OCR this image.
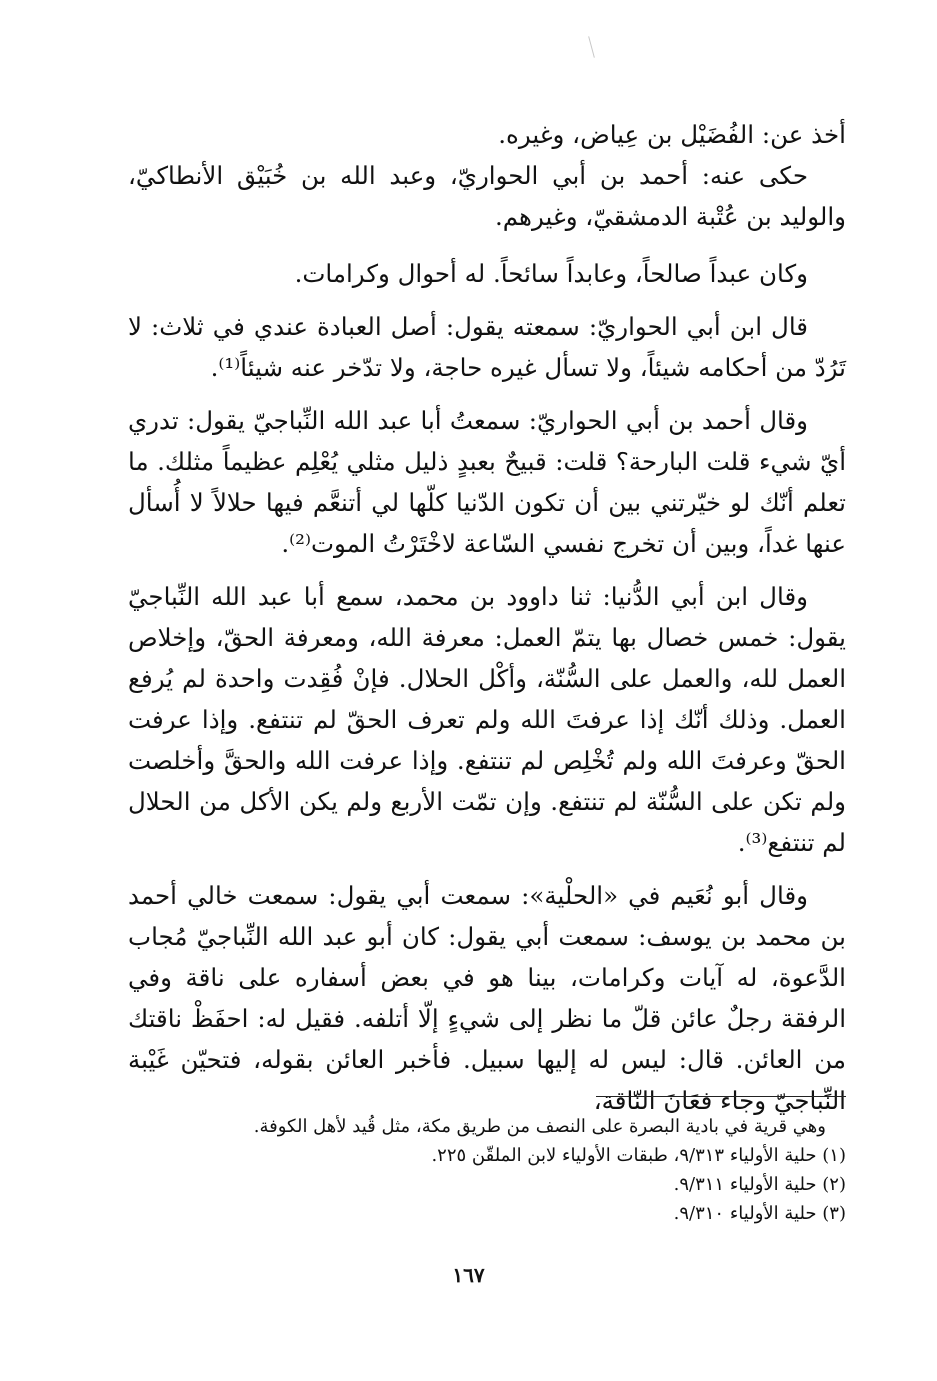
أخذ عن: الفُضَيْل بن عِياض، وغيره.

حكى عنه: أحمد بن أبي الحواريّ، وعبد الله بن خُبَيْق الأنطاكيّ، والوليد بن عُتْبة الدمشقيّ، وغيرهم.

وكان عبداً صالحاً، وعابداً سائحاً. له أحوال وكرامات.

قال ابن أبي الحواريّ: سمعته يقول: أصل العبادة عندي في ثلاث: لا تَرُدّ من أحكامه شيئاً، ولا تسأل غيره حاجة، ولا تدّخر عنه شيئاً⁽¹⁾.

وقال أحمد بن أبي الحواريّ: سمعتُ أبا عبد الله النِّباجيّ يقول: تدري أيّ شيء قلت البارحة؟ قلت: قبيحٌ بعبدٍ ذليل مثلي يُعْلِم عظيماً مثلك. ما تعلم أنّك لو خيّرتني بين أن تكون الدّنيا كلّها لي أتنعَّم فيها حلالاً لا أُسأل عنها غداً، وبين أن تخرج نفسي السّاعة لاخْتَرْتُ الموت⁽²⁾.

وقال ابن أبي الدُّنيا: ثنا داوود بن محمد، سمع أبا عبد الله النِّباجيّ يقول: خمس خصال بها يتمّ العمل: معرفة الله، ومعرفة الحقّ، وإخلاص العمل لله، والعمل على السُّنّة، وأكْل الحلال. فإنْ فُقِدت واحدة لم يُرفع العمل. وذلك أنّك إذا عرفتَ الله ولم تعرف الحقّ لم تنتفع. وإذا عرفت الحقّ وعرفتَ الله ولم تُخْلِص لم تنتفع. وإذا عرفت الله والحقَّ وأخلصت ولم تكن على السُّنّة لم تنتفع. وإن تمّت الأربع ولم يكن الأكل من الحلال لم تنتفع⁽³⁾.

وقال أبو نُعَيم في «الحلْية»: سمعت أبي يقول: سمعت خالي أحمد بن محمد بن يوسف: سمعت أبي يقول: كان أبو عبد الله النِّباجيّ مُجاب الدَّعوة، له آيات وكرامات، بينا هو في بعض أسفاره على ناقة وفي الرفقة رجلٌ عائن قلّ ما نظر إلى شيءٍ إلّا أتلفه. فقيل له: احفَظْ ناقتك من العائن. قال: ليس له إليها سبيل. فأخبر العائن بقوله، فتحيّن غَيْبة النِّباجيّ وجاء فعَانَ النّاقة،

وهي قرية في بادية البصرة على النصف من طريق مكة، مثل قُيد لأهل الكوفة.

(١) حلية الأولياء ٩/٣١٣، طبقات الأولياء لابن الملقّن ٢٢٥.

(٢) حلية الأولياء ٩/٣١١.

(٣) حلية الأولياء ٩/٣١٠.

١٦٧
